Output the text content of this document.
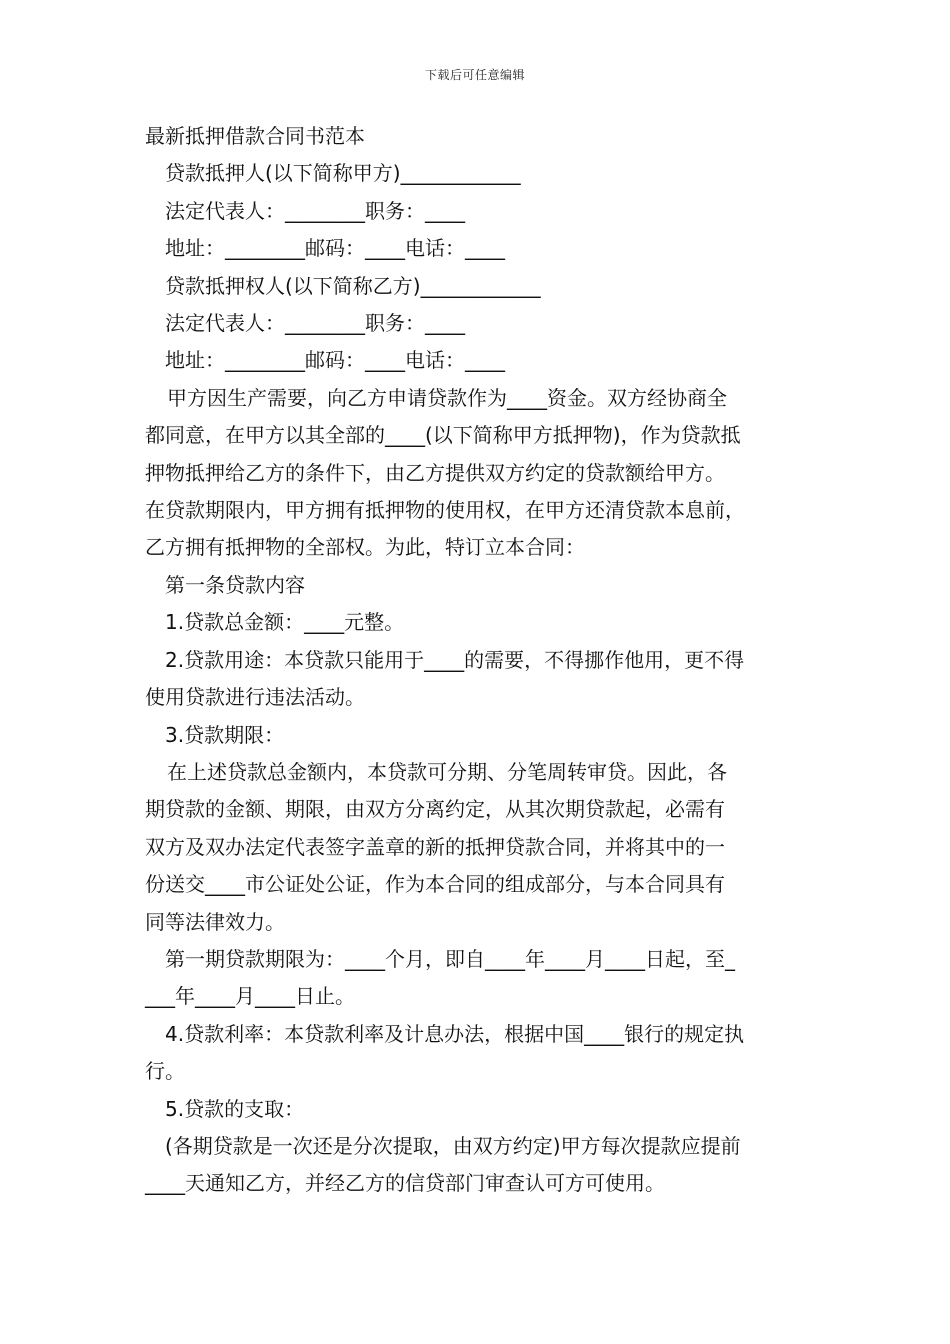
下载后可任意编辑
最新抵押借款合同书范本
贷款抵押人(以下简称甲方)____________
法定代表人：________职务：____
地址：________邮码：____电话：____
贷款抵押权人(以下简称乙方)____________
法定代表人：________职务：____
地址：________邮码：____电话：____
甲方因生产需要，向乙方申请贷款作为____资金。双方经协商全
都同意，在甲方以其全部的____(以下简称甲方抵押物)，作为贷款抵
押物抵押给乙方的条件下，由乙方提供双方约定的贷款额给甲方。
在贷款期限内，甲方拥有抵押物的使用权，在甲方还清贷款本息前，
乙方拥有抵押物的全部权。为此，特订立本合同：
第一条贷款内容
1.贷款总金额：____元整。
2.贷款用途：本贷款只能用于____的需要，不得挪作他用，更不得
使用贷款进行违法活动。
3.贷款期限：
在上述贷款总金额内，本贷款可分期、分笔周转审贷。因此，各
期贷款的金额、期限，由双方分离约定，从其次期贷款起，必需有
双方及双办法定代表签字盖章的新的抵押贷款合同，并将其中的一
份送交____市公证处公证，作为本合同的组成部分，与本合同具有
同等法律效力。
第一期贷款期限为：____个月，即自____年____月____日起，至_
___年____月____日止。
4.贷款利率：本贷款利率及计息办法，根据中国____银行的规定执
行。
5.贷款的支取：
(各期贷款是一次还是分次提取，由双方约定)甲方每次提款应提前
____天通知乙方，并经乙方的信贷部门审查认可方可使用。
